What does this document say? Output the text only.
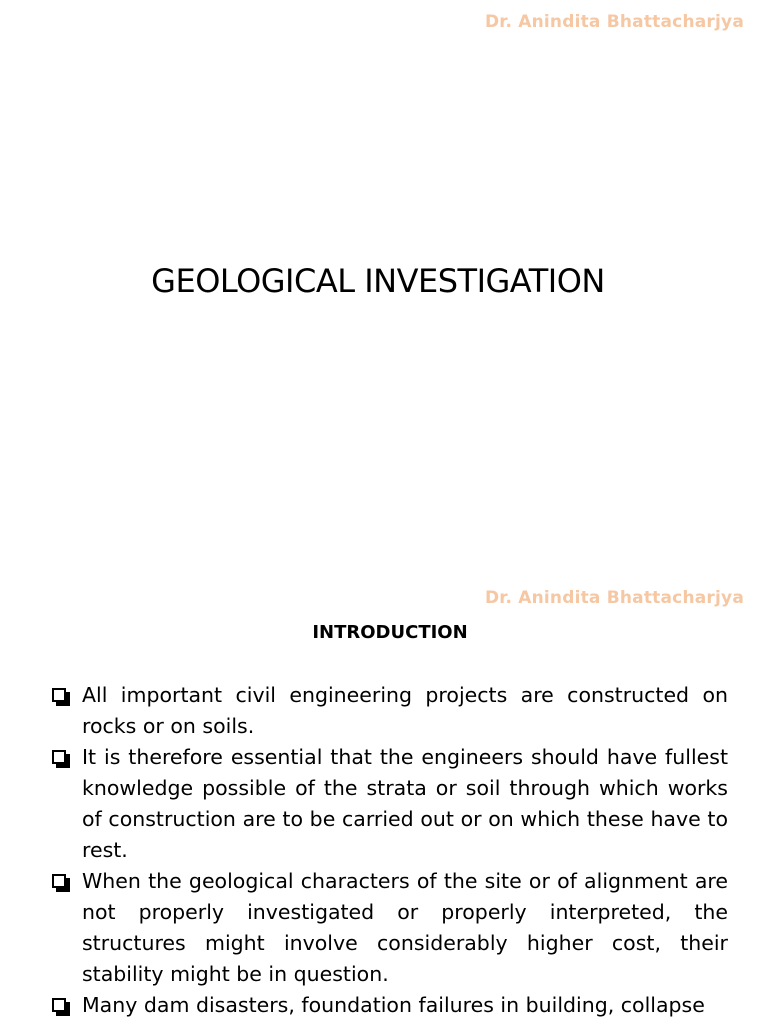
Dr. Anindita Bhattacharjya
GEOLOGICAL INVESTIGATION
Dr. Anindita Bhattacharjya
INTRODUCTION
All important civil engineering projects are constructed on rocks or on soils.
It is therefore essential that the engineers should have fullest knowledge possible of the strata or soil through which works of construction are to be carried out or on which these have to rest.
When the geological characters of the site or of alignment are not properly investigated or properly interpreted, the structures might involve considerably higher cost, their stability might be in question.
Many dam disasters, foundation failures in building, collapse
